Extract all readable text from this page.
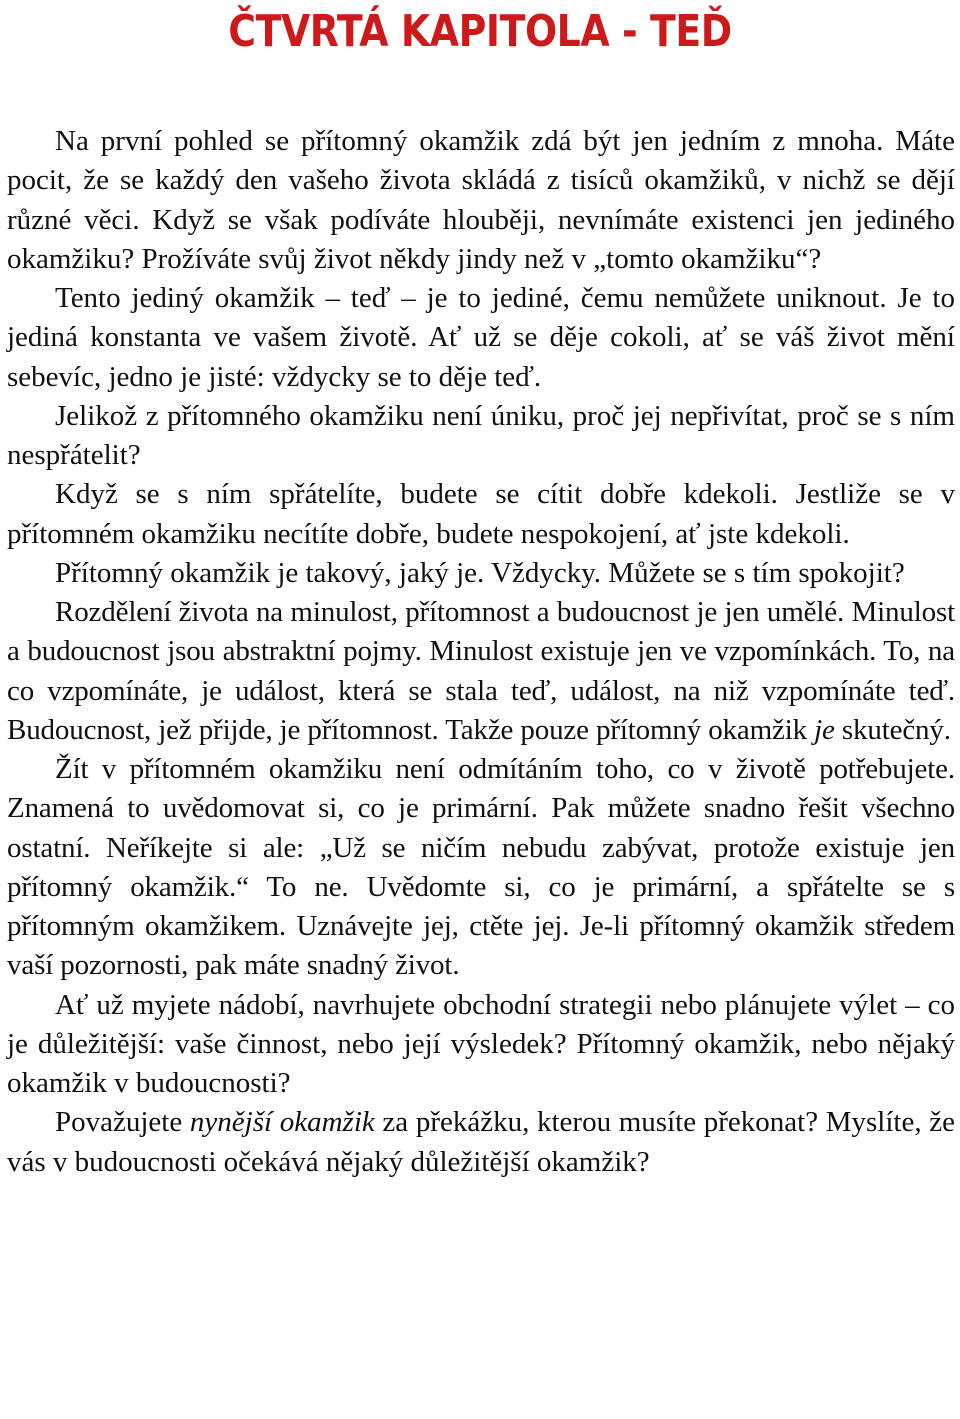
ČTVRTÁ KAPITOLA - TEĎ

Na první pohled se přítomný okamžik zdá být jen jedním z mnoha. Máte pocit, že se každý den vašeho života skládá z tisíců okamžiků, v nichž se dějí různé věci. Když se však podíváte hlouběji, nevnímáte existenci jen jediného okamžiku? Prožíváte svůj život někdy jindy než v „tomto okamžiku“?

Tento jediný okamžik – teď – je to jediné, čemu nemůžete uniknout. Je to jediná konstanta ve vašem životě. Ať už se děje cokoli, ať se váš život mění sebevíc, jedno je jisté: vždycky se to děje teď.

Jelikož z přítomného okamžiku není úniku, proč jej nepřivítat, proč se s ním nespřátelit?

Když se s ním spřátelíte, budete se cítit dobře kdekoli. Jestliže se v přítomném okamžiku necítíte dobře, budete nespokojení, ať jste kdekoli.

Přítomný okamžik je takový, jaký je. Vždycky. Můžete se s tím spokojit?

Rozdělení života na minulost, přítomnost a budoucnost je jen umělé. Minulost a budoucnost jsou abstraktní pojmy. Minulost existuje jen ve vzpomínkách. To, na co vzpomínáte, je událost, která se stala teď, událost, na niž vzpomínáte teď. Budoucnost, jež přijde, je přítomnost. Takže pouze přítomný okamžik je skutečný.

Žít v přítomném okamžiku není odmítáním toho, co v životě potřebujete. Znamená to uvědomovat si, co je primární. Pak můžete snadno řešit všechno ostatní. Neříkejte si ale: „Už se ničím nebudu zabývat, protože existuje jen přítomný okamžik.“ To ne. Uvědomte si, co je primární, a spřátelte se s přítomným okamžikem. Uznávejte jej, ctěte jej. Je-li přítomný okamžik středem vaší pozornosti, pak máte snadný život.

Ať už myjete nádobí, navrhujete obchodní strategii nebo plánujete výlet – co je důležitější: vaše činnost, nebo její výsledek? Přítomný okamžik, nebo nějaký okamžik v budoucnosti?

Považujete nynější okamžik za překážku, kterou musíte překonat? Myslíte, že vás v budoucnosti očekává nějaký důležitější okamžik?
